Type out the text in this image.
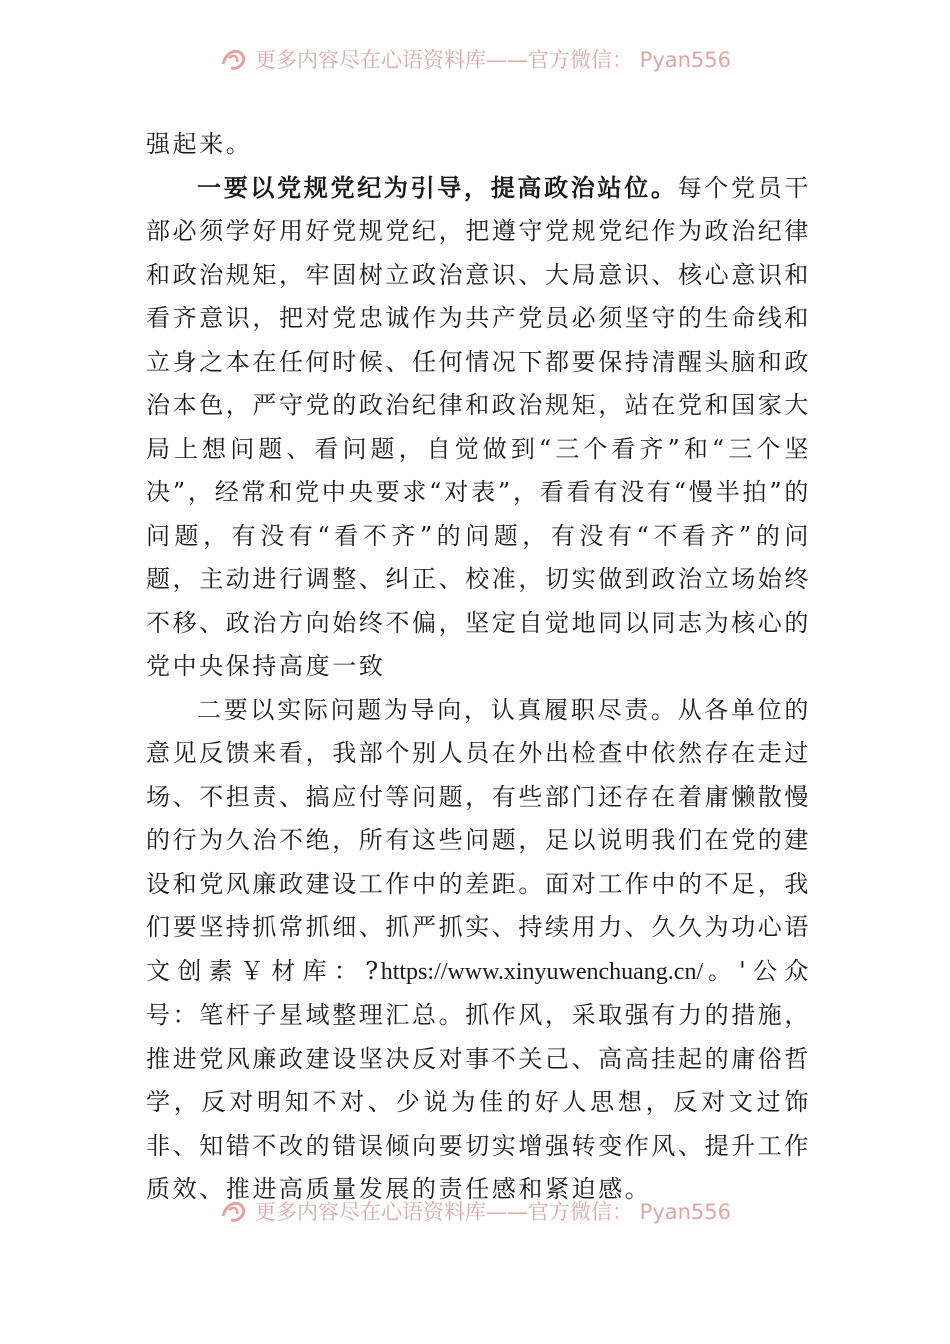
更多内容尽在心语资料库——官方微信： Pyan556

强起来。

一要以党规党纪为引导，提高政治站位。每个党员干部必须学好用好党规党纪，把遵守党规党纪作为政治纪律和政治规矩，牢固树立政治意识、大局意识、核心意识和看齐意识，把对党忠诚作为共产党员必须坚守的生命线和立身之本在任何时候、任何情况下都要保持清醒头脑和政治本色，严守党的政治纪律和政治规矩，站在党和国家大局上想问题、看问题，自觉做到“三个看齐”和“三个坚决”，经常和党中央要求“对表”，看看有没有“慢半拍”的问题，有没有“看不齐”的问题，有没有“不看齐”的问题，主动进行调整、纠正、校准，切实做到政治立场始终不移、政治方向始终不偏，坚定自觉地同以同志为核心的党中央保持高度一致

二要以实际问题为导向，认真履职尽责。从各单位的意见反馈来看，我部个别人员在外出检查中依然存在走过场、不担责、搞应付等问题，有些部门还存在着庸懒散慢的行为久治不绝，所有这些问题，足以说明我们在党的建设和党风廉政建设工作中的差距。面对工作中的不足，我们要坚持抓常抓细、抓严抓实、持续用力、久久为功心语文创素￥材库：?https://www.xinyuwenchuang.cn/。'公众号：笔杆子星域整理汇总。抓作风，采取强有力的措施，推进党风廉政建设坚决反对事不关己、高高挂起的庸俗哲学，反对明知不对、少说为佳的好人思想，反对文过饰非、知错不改的错误倾向要切实增强转变作风、提升工作质效、推进高质量发展的责任感和紧迫感。

更多内容尽在心语资料库——官方微信： Pyan556
